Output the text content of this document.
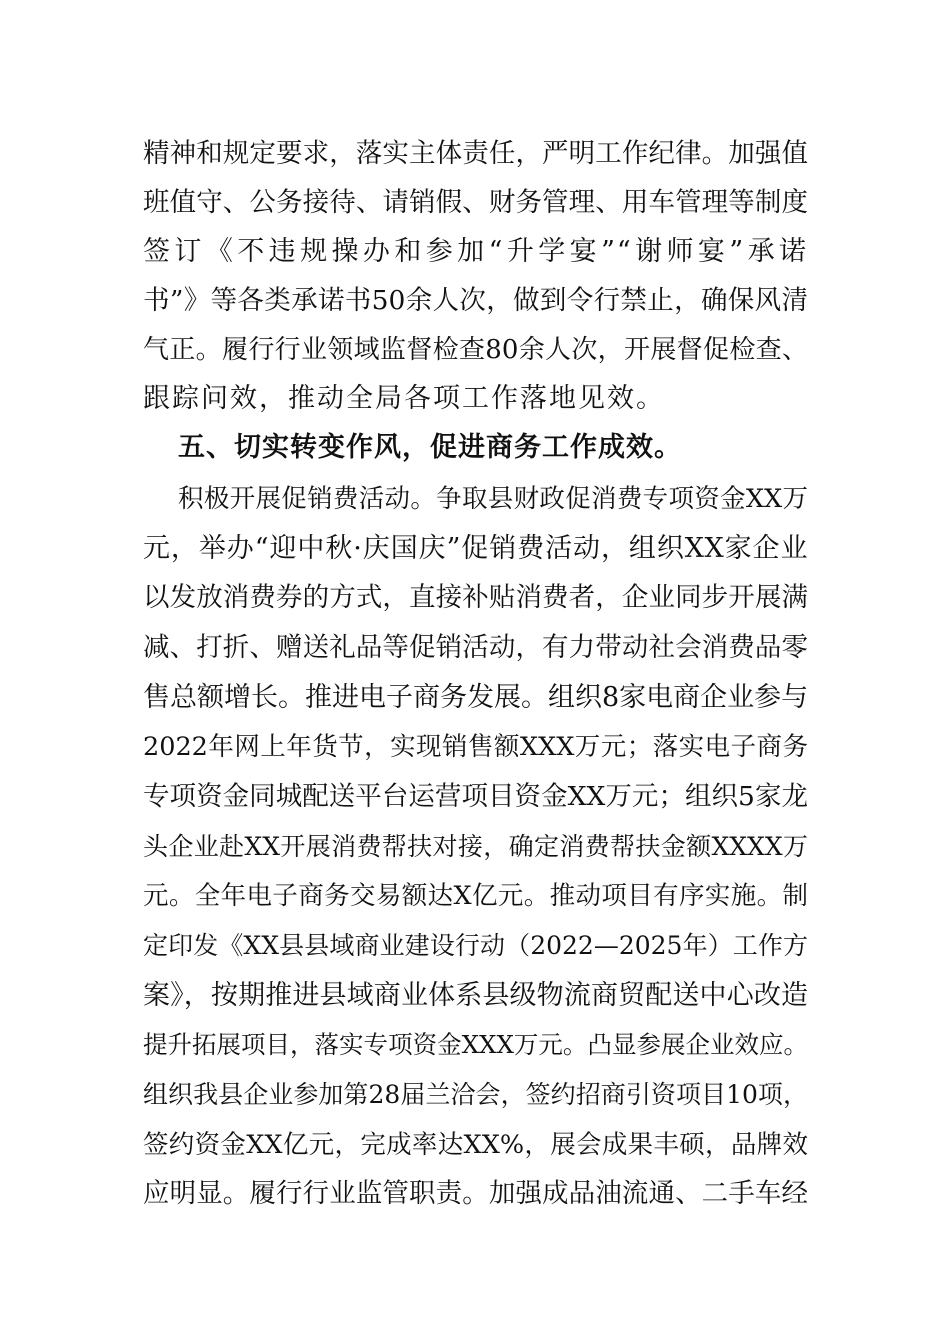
精神和规定要求，落实主体责任，严明工作纪律。加强值
班值守、公务接待、请销假、财务管理、用车管理等制度
签订《不违规操办和参加“升学宴”“谢师宴”承诺
书”》等各类承诺书50余人次，做到令行禁止，确保风清
气正。履行行业领域监督检查80余人次，开展督促检查、
跟踪问效，推动全局各项工作落地见效。
五、切实转变作风，促进商务工作成效。
积极开展促销费活动。争取县财政促消费专项资金XX万
元，举办“迎中秋·庆国庆”促销费活动，组织XX家企业
以发放消费券的方式，直接补贴消费者，企业同步开展满
减、打折、赠送礼品等促销活动，有力带动社会消费品零
售总额增长。推进电子商务发展。组织8家电商企业参与
2022年网上年货节，实现销售额XXX万元；落实电子商务
专项资金同城配送平台运营项目资金XX万元；组织5家龙
头企业赴XX开展消费帮扶对接，确定消费帮扶金额XXXX万
元。全年电子商务交易额达X亿元。推动项目有序实施。制
定印发《XX县县域商业建设行动（2022—2025年）工作方
案》，按期推进县域商业体系县级物流商贸配送中心改造
提升拓展项目，落实专项资金XXX万元。凸显参展企业效应。
组织我县企业参加第28届兰洽会，签约招商引资项目10项，
签约资金XX亿元，完成率达XX%，展会成果丰硕，品牌效
应明显。履行行业监管职责。加强成品油流通、二手车经
